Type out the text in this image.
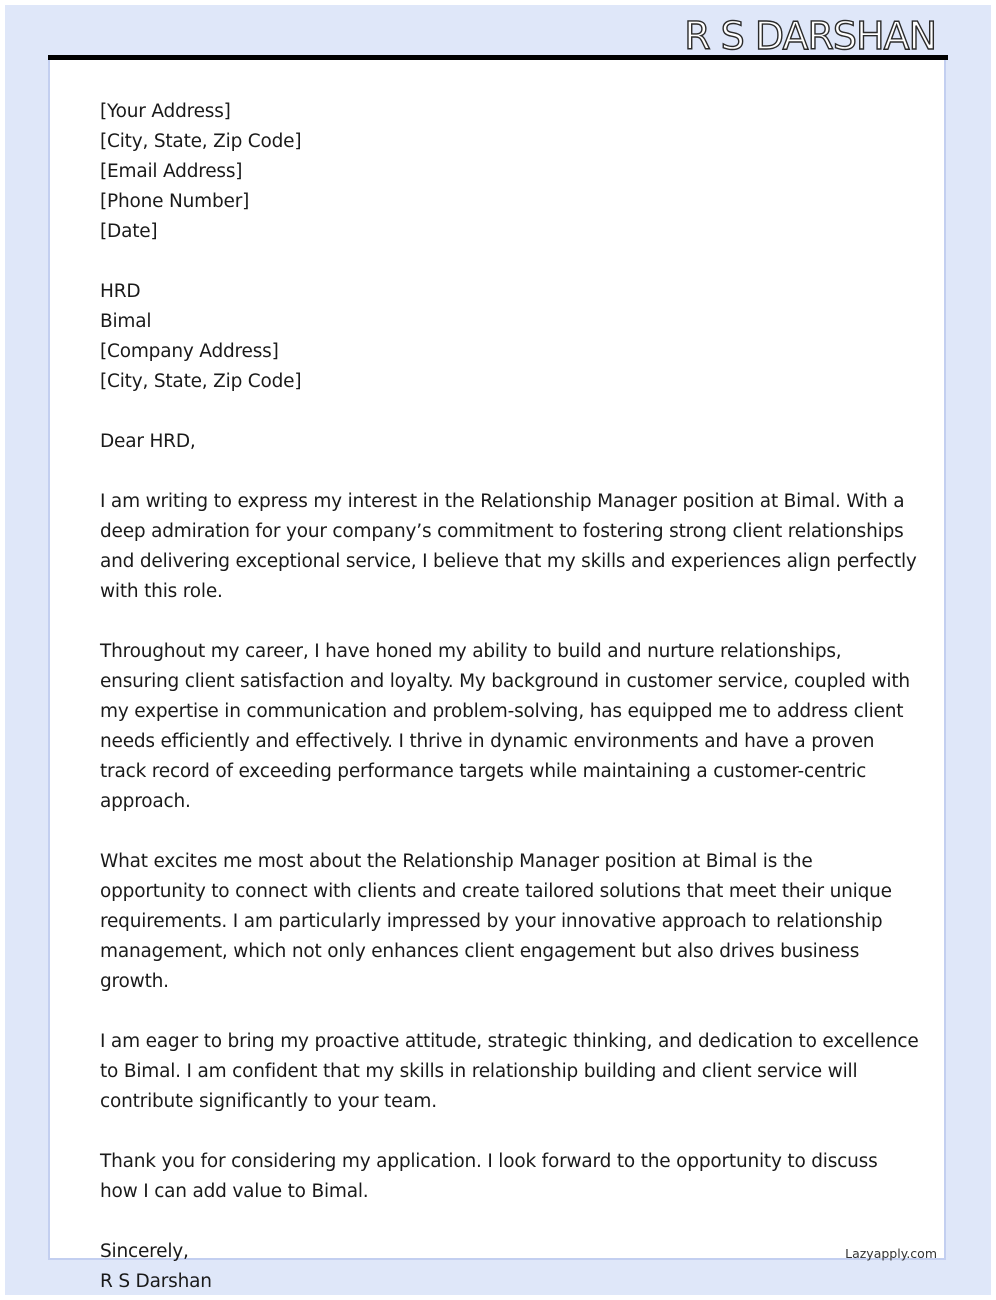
R S DARSHAN
[Your Address]
[City, State, Zip Code]
[Email Address]
[Phone Number]
[Date]
HRD
Bimal
[Company Address]
[City, State, Zip Code]
Dear HRD,

I am writing to express my interest in the Relationship Manager position at Bimal. With a
deep admiration for your company’s commitment to fostering strong client relationships
and delivering exceptional service, I believe that my skills and experiences align perfectly
with this role.

Throughout my career, I have honed my ability to build and nurture relationships,
ensuring client satisfaction and loyalty. My background in customer service, coupled with
my expertise in communication and problem-solving, has equipped me to address client
needs efficiently and effectively. I thrive in dynamic environments and have a proven
track record of exceeding performance targets while maintaining a customer-centric
approach.

What excites me most about the Relationship Manager position at Bimal is the
opportunity to connect with clients and create tailored solutions that meet their unique
requirements. I am particularly impressed by your innovative approach to relationship
management, which not only enhances client engagement but also drives business
growth.

I am eager to bring my proactive attitude, strategic thinking, and dedication to excellence
to Bimal. I am confident that my skills in relationship building and client service will
contribute significantly to your team.

Thank you for considering my application. I look forward to the opportunity to discuss
how I can add value to Bimal.

Sincerely,
R S Darshan
Lazyapply.com
